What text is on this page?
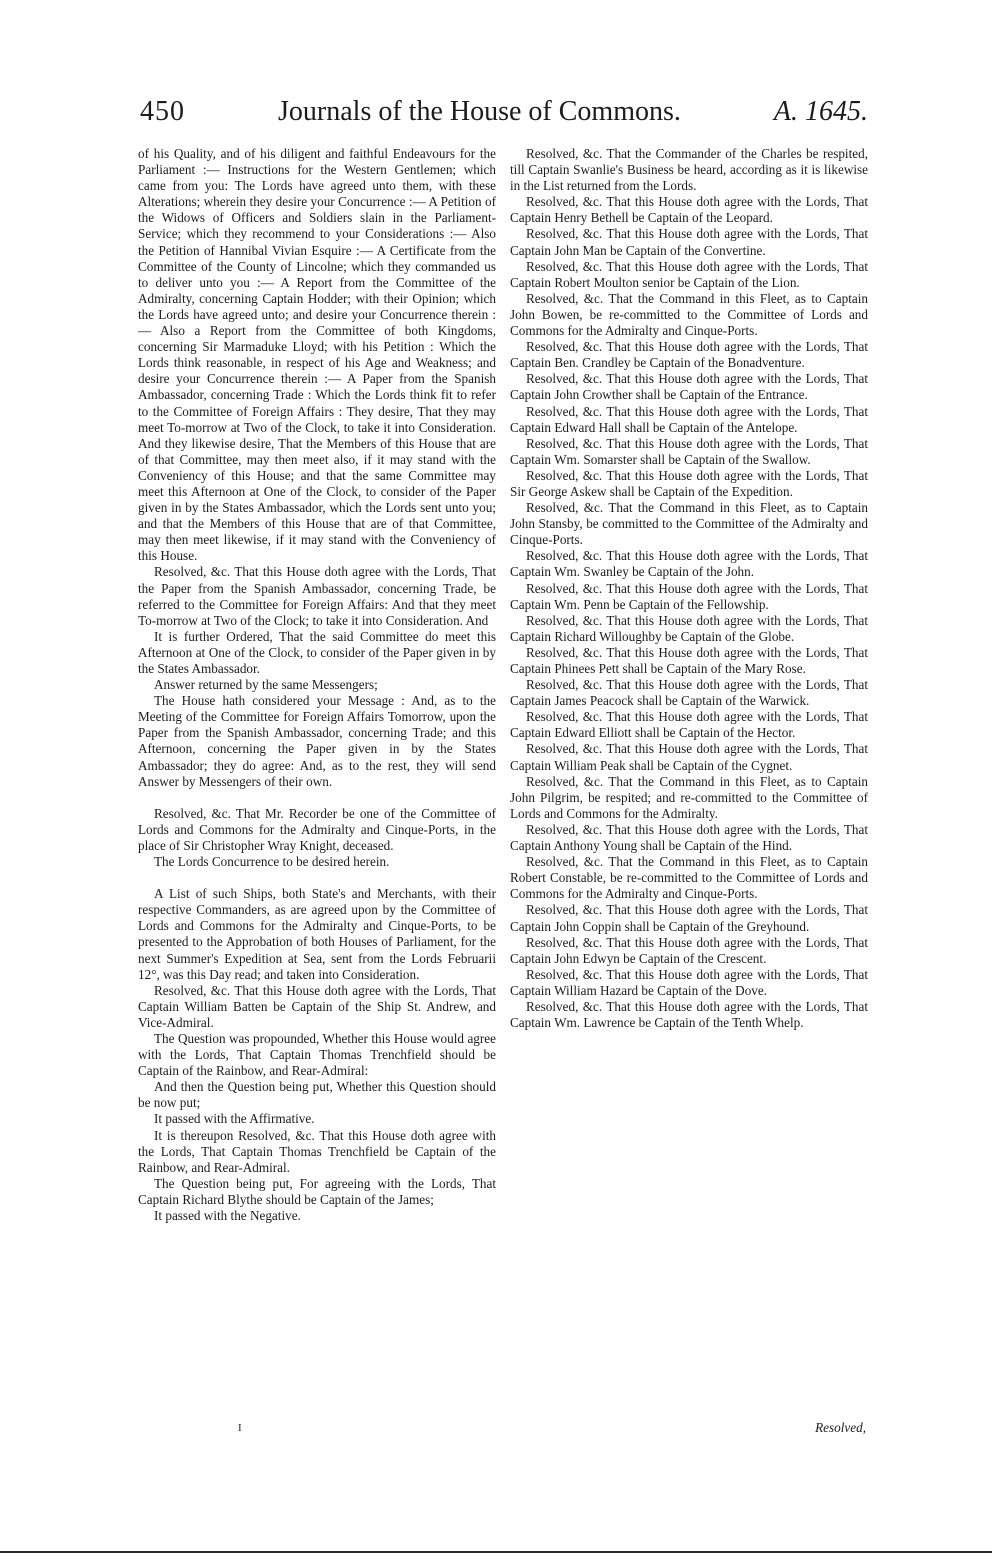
450	Journals of the House of Commons.	A. 1645.

of his Quality, and of his diligent and faithful Endeavours for the Parliament :— Instructions for the Western Gentlemen; which came from you: The Lords have agreed unto them, with these Alterations; wherein they desire your Concurrence :— A Petition of the Widows of Officers and Soldiers slain in the Parliament-Service; which they recommend to your Considerations :— Also the Petition of Hannibal Vivian Esquire :— A Certificate from the Committee of the County of Lincolne; which they commanded us to deliver unto you :— A Report from the Committee of the Admiralty, concerning Captain Hodder; with their Opinion; which the Lords have agreed unto; and desire your Concurrence therein :— Also a Report from the Committee of both Kingdoms, concerning Sir Marmaduke Lloyd; with his Petition : Which the Lords think reasonable, in respect of his Age and Weakness; and desire your Concurrence therein :— A Paper from the Spanish Ambassador, concerning Trade : Which the Lords think fit to refer to the Committee of Foreign Affairs : They desire, That they may meet To-morrow at Two of the Clock, to take it into Consideration. And they likewise desire, That the Members of this House that are of that Committee, may then meet also, if it may stand with the Conveniency of this House; and that the same Committee may meet this Afternoon at One of the Clock, to consider of the Paper given in by the States Ambassador, which the Lords sent unto you; and that the Members of this House that are of that Committee, may then meet likewise, if it may stand with the Conveniency of this House.

Resolved, &c. That this House doth agree with the Lords, That the Paper from the Spanish Ambassador, concerning Trade, be referred to the Committee for Foreign Affairs: And that they meet To-morrow at Two of the Clock; to take it into Consideration. And

It is further Ordered, That the said Committee do meet this Afternoon at One of the Clock, to consider of the Paper given in by the States Ambassador.

Answer returned by the same Messengers;

The House hath considered your Message : And, as to the Meeting of the Committee for Foreign Affairs Tomorrow, upon the Paper from the Spanish Ambassador, concerning Trade; and this Afternoon, concerning the Paper given in by the States Ambassador; they do agree: And, as to the rest, they will send Answer by Messengers of their own.

Resolved, &c. That Mr. Recorder be one of the Committee of Lords and Commons for the Admiralty and Cinque-Ports, in the place of Sir Christopher Wray Knight, deceased.

The Lords Concurrence to be desired herein.

A List of such Ships, both State's and Merchants, with their respective Commanders, as are agreed upon by the Committee of Lords and Commons for the Admiralty and Cinque-Ports, to be presented to the Approbation of both Houses of Parliament, for the next Summer's Expedition at Sea, sent from the Lords Februarii 12°, was this Day read; and taken into Consideration.

Resolved, &c. That this House doth agree with the Lords, That Captain William Batten be Captain of the Ship St. Andrew, and Vice-Admiral.

The Question was propounded, Whether this House would agree with the Lords, That Captain Thomas Trenchfield should be Captain of the Rainbow, and Rear-Admiral:

And then the Question being put, Whether this Question should be now put;

It passed with the Affirmative.

It is thereupon Resolved, &c. That this House doth agree with the Lords, That Captain Thomas Trenchfield be Captain of the Rainbow, and Rear-Admiral.

The Question being put, For agreeing with the Lords, That Captain Richard Blythe should be Captain of the James;

It passed with the Negative.

Resolved, &c. That the Commander of the Charles be respited, till Captain Swanlie's Business be heard, according as it is likewise in the List returned from the Lords.

Resolved, &c. That this House doth agree with the Lords, That Captain Henry Bethell be Captain of the Leopard.

Resolved, &c. That this House doth agree with the Lords, That Captain John Man be Captain of the Convertine.

Resolved, &c. That this House doth agree with the Lords, That Captain Robert Moulton senior be Captain of the Lion.

Resolved, &c. That the Command in this Fleet, as to Captain John Bowen, be re-committed to the Committee of Lords and Commons for the Admiralty and Cinque-Ports.

Resolved, &c. That this House doth agree with the Lords, That Captain Ben. Crandley be Captain of the Bonadventure.

Resolved, &c. That this House doth agree with the Lords, That Captain John Crowther shall be Captain of the Entrance.

Resolved, &c. That this House doth agree with the Lords, That Captain Edward Hall shall be Captain of the Antelope.

Resolved, &c. That this House doth agree with the Lords, That Captain Wm. Somarster shall be Captain of the Swallow.

Resolved, &c. That this House doth agree with the Lords, That Sir George Askew shall be Captain of the Expedition.

Resolved, &c. That the Command in this Fleet, as to Captain John Stansby, be committed to the Committee of the Admiralty and Cinque-Ports.

Resolved, &c. That this House doth agree with the Lords, That Captain Wm. Swanley be Captain of the John.

Resolved, &c. That this House doth agree with the Lords, That Captain Wm. Penn be Captain of the Fellowship.

Resolved, &c. That this House doth agree with the Lords, That Captain Richard Willoughby be Captain of the Globe.

Resolved, &c. That this House doth agree with the Lords, That Captain Phinees Pett shall be Captain of the Mary Rose.

Resolved, &c. That this House doth agree with the Lords, That Captain James Peacock shall be Captain of the Warwick.

Resolved, &c. That this House doth agree with the Lords, That Captain Edward Elliott shall be Captain of the Hector.

Resolved, &c. That this House doth agree with the Lords, That Captain William Peak shall be Captain of the Cygnet.

Resolved, &c. That the Command in this Fleet, as to Captain John Pilgrim, be respited; and re-committed to the Committee of Lords and Commons for the Admiralty.

Resolved, &c. That this House doth agree with the Lords, That Captain Anthony Young shall be Captain of the Hind.

Resolved, &c. That the Command in this Fleet, as to Captain Robert Constable, be re-committed to the Committee of Lords and Commons for the Admiralty and Cinque-Ports.

Resolved, &c. That this House doth agree with the Lords, That Captain John Coppin shall be Captain of the Greyhound.

Resolved, &c. That this House doth agree with the Lords, That Captain John Edwyn be Captain of the Crescent.

Resolved, &c. That this House doth agree with the Lords, That Captain William Hazard be Captain of the Dove.

Resolved, &c. That this House doth agree with the Lords, That Captain Wm. Lawrence be Captain of the Tenth Whelp.

I	Resolved,
